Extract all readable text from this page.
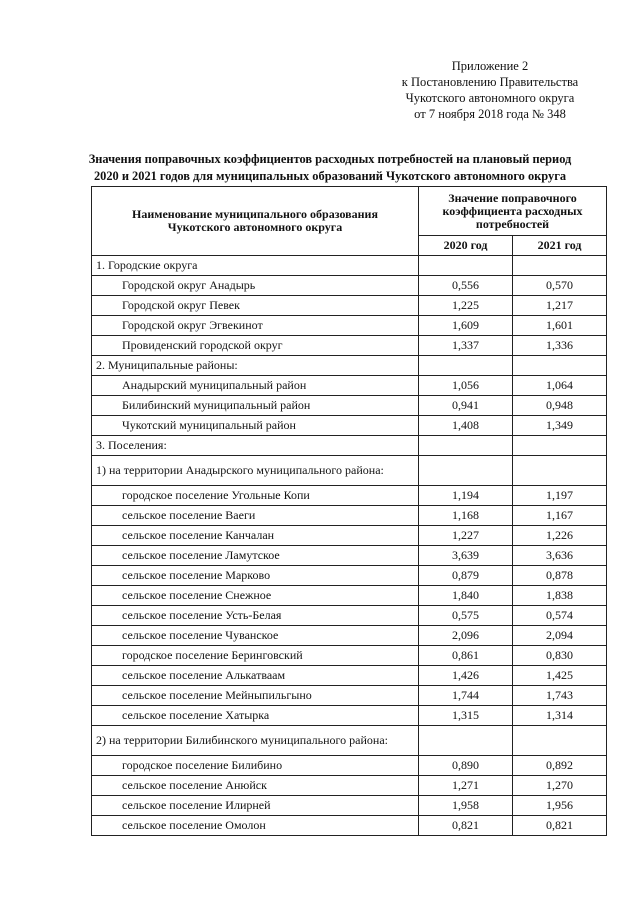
Приложение 2
к Постановлению Правительства
Чукотского автономного округа
от 7 ноября 2018 года № 348
Значения поправочных коэффициентов расходных потребностей на плановый период
2020 и 2021 годов для муниципальных образований Чукотского автономного округа
Наименование муниципального образования Чукотского автономного округа	Значение поправочного коэффициента расходных потребностей	
	2020 год	2021 год
1. Городские округа		
Городской округ Анадырь	0,556	0,570
Городской округ Певек	1,225	1,217
Городской округ Эгвекинот	1,609	1,601
Провиденский городской округ	1,337	1,336
2. Муниципальные районы:		
Анадырский муниципальный район	1,056	1,064
Билибинский муниципальный район	0,941	0,948
Чукотский муниципальный район	1,408	1,349
3. Поселения:		
1) на территории Анадырского муниципального района:		
городское поселение Угольные Копи	1,194	1,197
сельское поселение Ваеги	1,168	1,167
сельское поселение Канчалан	1,227	1,226
сельское поселение Ламутское	3,639	3,636
сельское поселение Марково	0,879	0,878
сельское поселение Снежное	1,840	1,838
сельское поселение Усть-Белая	0,575	0,574
сельское поселение Чуванское	2,096	2,094
городское поселение Беринговский	0,861	0,830
сельское поселение Алькатваам	1,426	1,425
сельское поселение Мейныпильгыно	1,744	1,743
сельское поселение Хатырка	1,315	1,314
2) на территории Билибинского муниципального района:		
городское поселение Билибино	0,890	0,892
сельское поселение Анюйск	1,271	1,270
сельское поселение Илирней	1,958	1,956
сельское поселение Омолон	0,821	0,821
